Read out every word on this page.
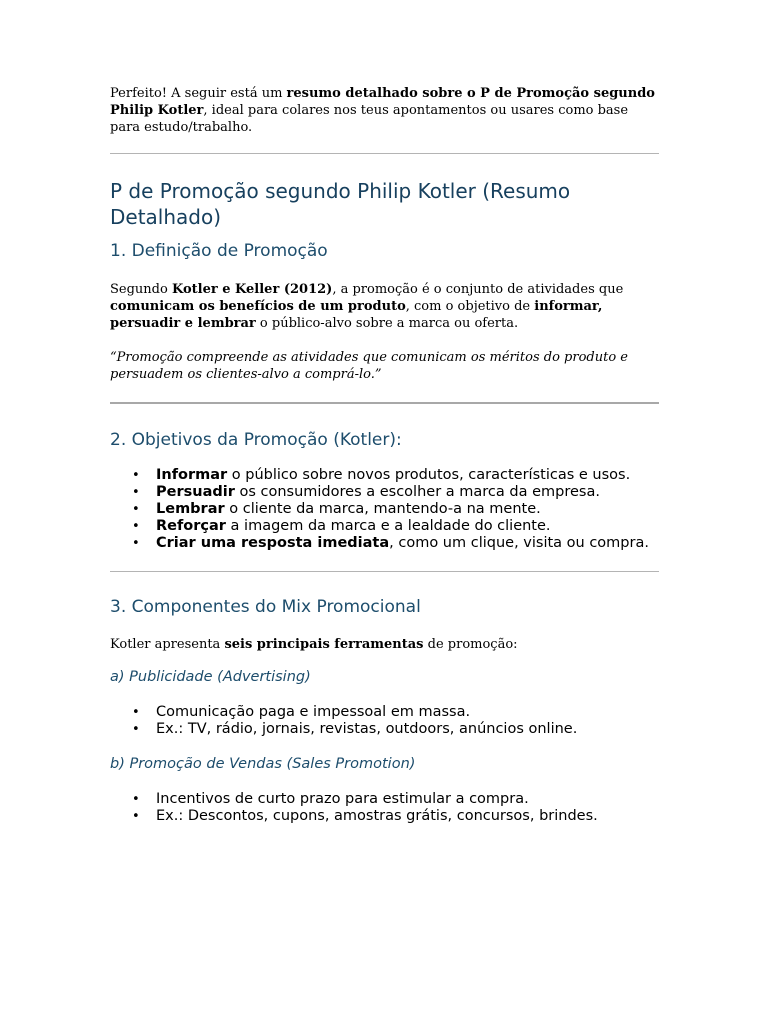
Perfeito! A seguir está um resumo detalhado sobre o P de Promoção segundo Philip Kotler, ideal para colares nos teus apontamentos ou usares como base para estudo/trabalho.

P de Promoção segundo Philip Kotler (Resumo Detalhado)
1. Definição de Promoção

Segundo Kotler e Keller (2012), a promoção é o conjunto de atividades que comunicam os benefícios de um produto, com o objetivo de informar, persuadir e lembrar o público-alvo sobre a marca ou oferta.

“Promoção compreende as atividades que comunicam os méritos do produto e persuadem os clientes-alvo a comprá-lo.”

2. Objetivos da Promoção (Kotler):
• Informar o público sobre novos produtos, características e usos.
• Persuadir os consumidores a escolher a marca da empresa.
• Lembrar o cliente da marca, mantendo-a na mente.
• Reforçar a imagem da marca e a lealdade do cliente.
• Criar uma resposta imediata, como um clique, visita ou compra.
3. Componentes do Mix Promocional

Kotler apresenta seis principais ferramentas de promoção:

a) Publicidade (Advertising)
• Comunicação paga e impessoal em massa.
• Ex.: TV, rádio, jornais, revistas, outdoors, anúncios online.
b) Promoção de Vendas (Sales Promotion)
• Incentivos de curto prazo para estimular a compra.
• Ex.: Descontos, cupons, amostras grátis, concursos, brindes.
